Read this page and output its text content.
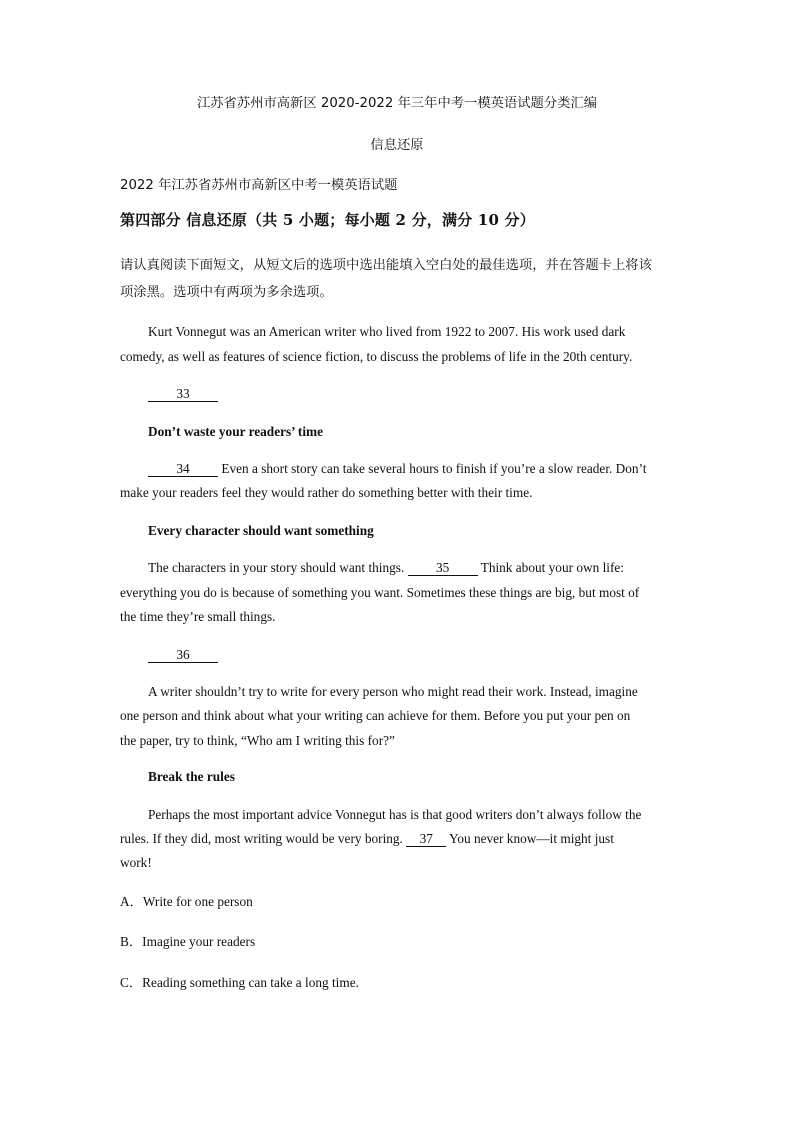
江苏省苏州市高新区 2020-2022 年三年中考一模英语试题分类汇编
信息还原
2022 年江苏省苏州市高新区中考一模英语试题
第四部分 信息还原（共 5 小题；每小题 2 分，满分 10 分）
请认真阅读下面短文，从短文后的选项中选出能填入空白处的最佳选项，并在答题卡上将该
项涂黑。选项中有两项为多余选项。
Kurt Vonnegut was an American writer who lived from 1922 to 2007. His work used dark
comedy, as well as features of science fiction, to discuss the problems of life in the 20th century.
33
Don’t waste your readers’ time
34 Even a short story can take several hours to finish if you’re a slow reader. Don’t
make your readers feel they would rather do something better with their time.
Every character should want something
The characters in your story should want things. 35 Think about your own life:
everything you do is because of something you want. Sometimes these things are big, but most of
the time they’re small things.
36
A writer shouldn’t try to write for every person who might read their work. Instead, imagine
one person and think about what your writing can achieve for them. Before you put your pen on
the paper, try to think, “Who am I writing this for?”
Break the rules
Perhaps the most important advice Vonnegut has is that good writers don’t always follow the
rules. If they did, most writing would be very boring. 37 You never know—it might just
work!
A．Write for one person
B．Imagine your readers
C．Reading something can take a long time.
